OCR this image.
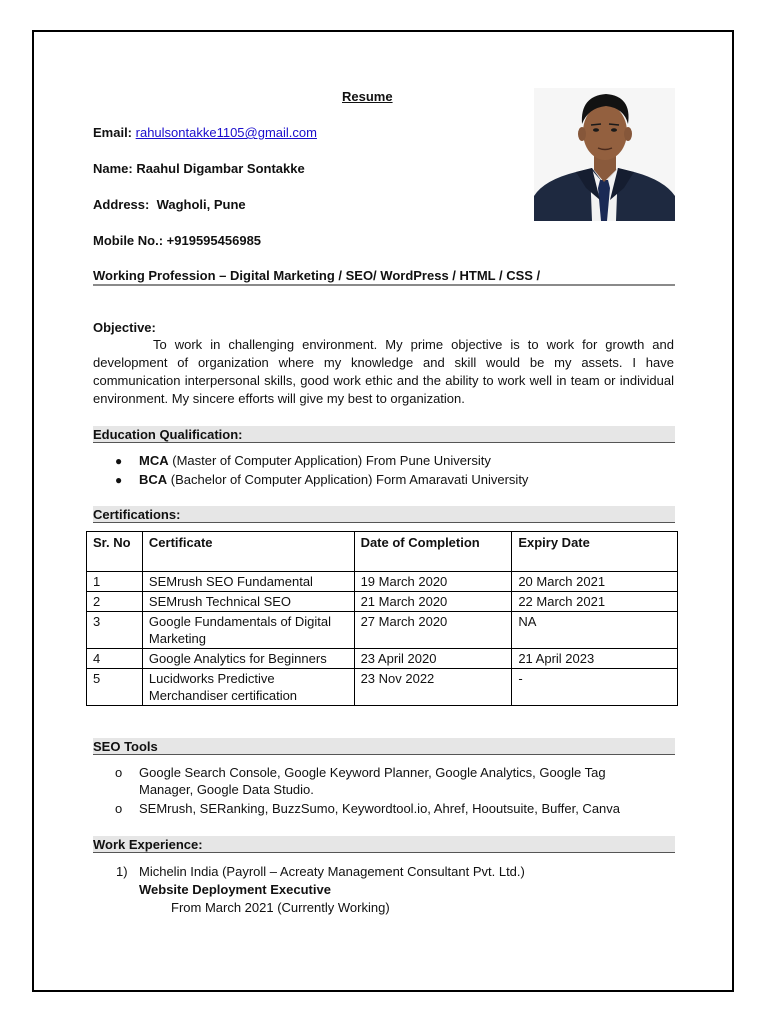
Resume
Email: rahulsontakke1105@gmail.com
Name: Raahul Digambar Sontakke
Address: Wagholi, Pune
Mobile No.: +919595456985
Working Profession – Digital Marketing / SEO/ WordPress / HTML / CSS /
Objective:
To work in challenging environment. My prime objective is to work for growth and development of organization where my knowledge and skill would be my assets. I have communication interpersonal skills, good work ethic and the ability to work well in team or individual environment. My sincere efforts will give my best to organization.
Education Qualification:
● MCA (Master of Computer Application) From Pune University
● BCA (Bachelor of Computer Application) Form Amaravati University
Certifications:
Sr. No	Certificate	Date of Completion	Expiry Date
1	SEMrush SEO Fundamental	19 March 2020	20 March 2021
2	SEMrush Technical SEO	21 March 2020	22 March 2021
3	Google Fundamentals of Digital Marketing	27 March 2020	NA
4	Google Analytics for Beginners	23 April 2020	21 April 2023
5	Lucidworks Predictive Merchandiser certification	23 Nov 2022	-
SEO Tools
o Google Search Console, Google Keyword Planner, Google Analytics, Google Tag Manager, Google Data Studio.
o SEMrush, SERanking, BuzzSumo, Keywordtool.io, Ahref, Hooutsuite, Buffer, Canva
Work Experience:
1) Michelin India (Payroll – Acreaty Management Consultant Pvt. Ltd.)
Website Deployment Executive
From March 2021 (Currently Working)
